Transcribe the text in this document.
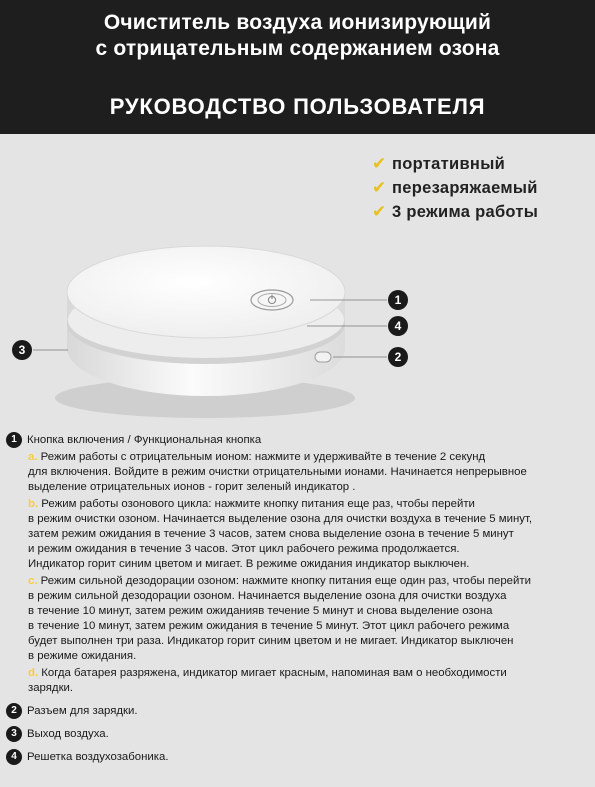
Очиститель воздуха ионизирующий
с отрицательным содержанием озона
РУКОВОДСТВО ПОЛЬЗОВАТЕЛЯ
✔ портативный
✔ перезаряжаемый
✔ 3 режима работы
1
4
2
3
1 Кнопка включения / Функциональная кнопка
a. Режим работы с отрицательным ионом: нажмите и удерживайте в течение 2 секунд
для включения. Войдите в режим очистки отрицательными ионами. Начинается непрерывное
выделение отрицательных ионов - горит зеленый индикатор .
b. Режим работы озонового цикла: нажмите кнопку питания еще раз, чтобы перейти
в режим очистки озоном. Начинается выделение озона для очистки воздуха в течение 5 минут,
затем режим ожидания в течение 3 часов, затем снова выделение озона в течение 5 минут
и режим ожидания в течение 3 часов. Этот цикл рабочего режима продолжается.
Индикатор горит синим цветом и мигает. В режиме ожидания индикатор выключен.
c. Режим сильной дезодорации озоном: нажмите кнопку питания еще один раз, чтобы перейти
в режим сильной дезодорации озоном. Начинается выделение озона для очистки воздуха
в течение 10 минут, затем режим ожиданияв течение 5 минут и снова выделение озона
в течение 10 минут, затем режим ожидания в течение 5 минут. Этот цикл рабочего режима
будет выполнен три раза. Индикатор горит синим цветом и не мигает. Индикатор выключен
в режиме ожидания.
d. Когда батарея разряжена, индикатор мигает красным, напоминая вам о необходимости
зарядки.
2 Разъем для зарядки.
3 Выход воздуха.
4 Решетка воздухозабоника.
